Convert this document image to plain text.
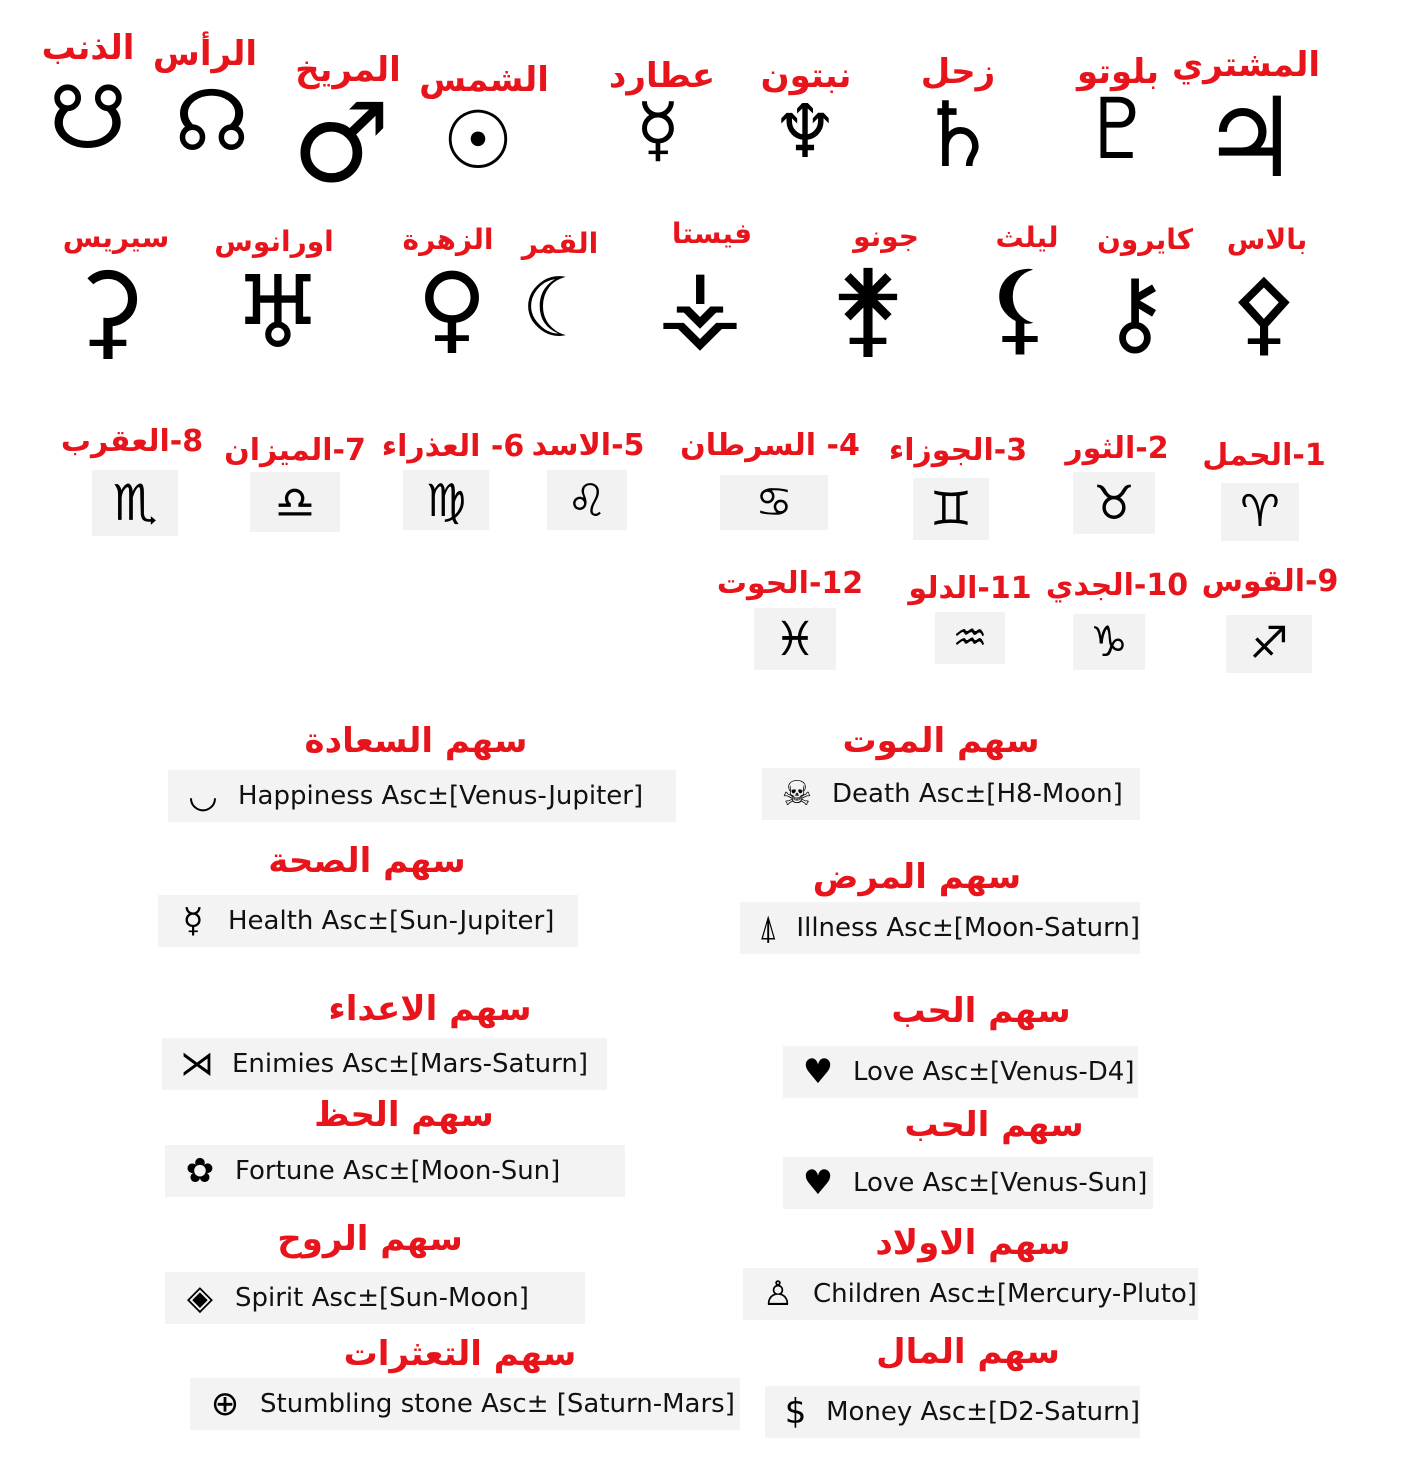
الذنب
☋
الرأس
☊
المريخ
♂ الشمس
☉
عطارد
☿
نبتون
♆
زحل
♄
بلوتو
♇
المشتري
♃
سيريس
⚳
اورانوس
♅
الزهرة
♀
القمر
☾
فيستا
⚶
جونو
⚵
ليلث
⚸
كايرون
⚷
بالاس
⚴
8-العقرب
♏
7-الميزان
♎
6- العذراء
♍
5-الاسد
♌
4- السرطان
♋
3-الجوزاء
♊
2-الثور
♉
1-الحمل
♈
12-الحوت
♓
11-الدلو
♒
10-الجدي
♑
9-القوس
♐
سهم السعادة
◡ Happiness Asc±[Venus-Jupiter]
سهم الصحة
☿ Health Asc±[Sun-Jupiter]
سهم الاعداء
⋊ Enimies Asc±[Mars-Saturn]
سهم الحظ
✿ Fortune Asc±[Moon-Sun]
سهم الروح
◈ Spirit Asc±[Sun-Moon]
سهم التعثرات
⊕ Stumbling stone Asc± [Saturn-Mars]
سهم الموت
☠ Death Asc±[H8-Moon]
سهم المرض
⍋ Illness Asc±[Moon-Saturn]
سهم الحب
♥ Love Asc±[Venus-D4]
سهم الحب
♥ Love Asc±[Venus-Sun]
سهم الاولاد
♙ Children Asc±[Mercury-Pluto]
سهم المال
$ Money Asc±[D2-Saturn]
